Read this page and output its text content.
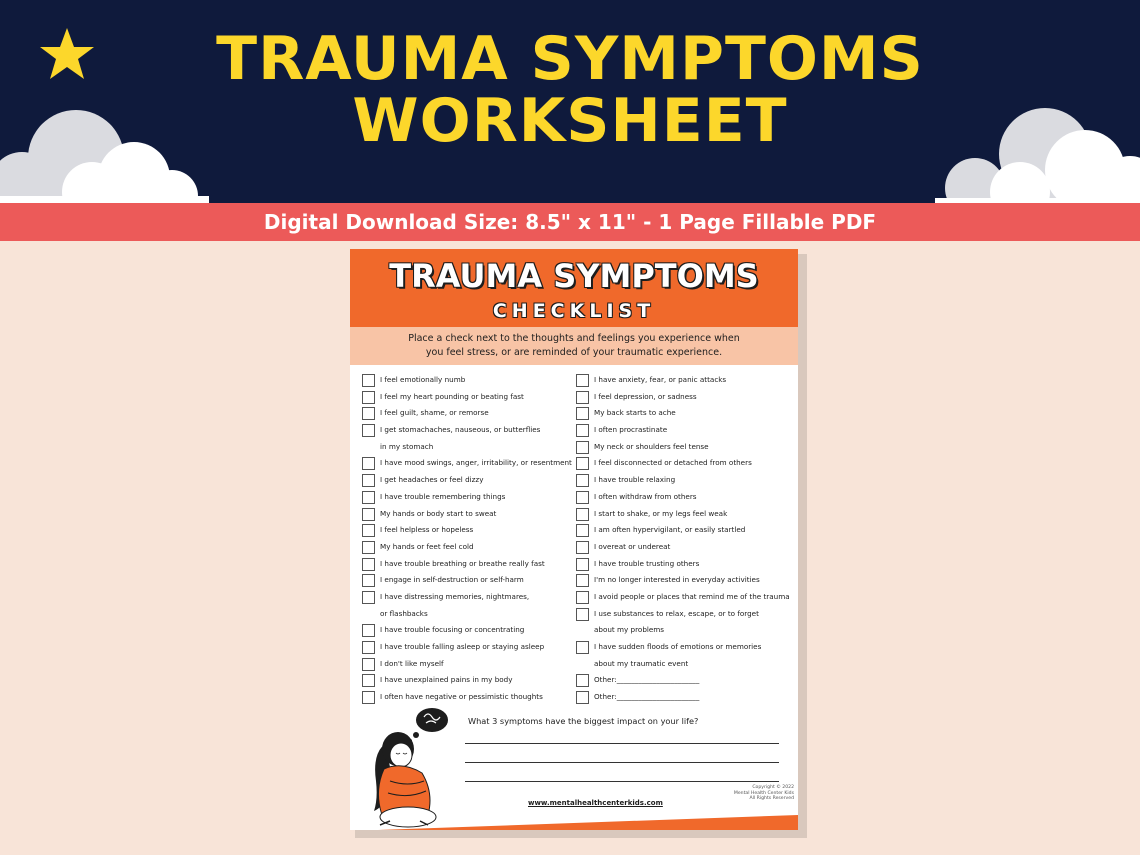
TRAUMA SYMPTOMS
WORKSHEET
Digital Download Size: 8.5" x 11" - 1 Page Fillable PDF
TRAUMA SYMPTOMS
CHECKLIST
Place a check next to the thoughts and feelings you experience when
you feel stress, or are reminded of your traumatic experience.
I feel emotionally numb
I feel my heart pounding or beating fast
I feel guilt, shame, or remorse
I get stomachaches, nauseous, or butterflies
in my stomach
I have mood swings, anger, irritability, or resentment
I get headaches or feel dizzy
I have trouble remembering things
My hands or body start to sweat
I feel helpless or hopeless
My hands or feet feel cold
I have trouble breathing or breathe really fast
I engage in self-destruction or self-harm
I have distressing memories, nightmares,
or flashbacks
I have trouble focusing or concentrating
I have trouble falling asleep or staying asleep
I don't like myself
I have unexplained pains in my body
I often have negative or pessimistic thoughts
I have anxiety, fear, or panic attacks
I feel depression, or sadness
My back starts to ache
I often procrastinate
My neck or shoulders feel tense
I feel disconnected or detached from others
I have trouble relaxing
I often withdraw from others
I start to shake, or my legs feel weak
I am often hypervigilant, or easily startled
I overeat or undereat
I have trouble trusting others
I'm no longer interested in everyday activities
I avoid people or places that remind me of the trauma
I use substances to relax, escape, or to forget
about my problems
I have sudden floods of emotions or memories
about my traumatic event
Other:_______________________
Other:_______________________
What 3 symptoms have the biggest impact on your life?
www.mentalhealthcenterkids.com
Copyright © 2022
Mental Health Center Kids
All Rights Reserved
